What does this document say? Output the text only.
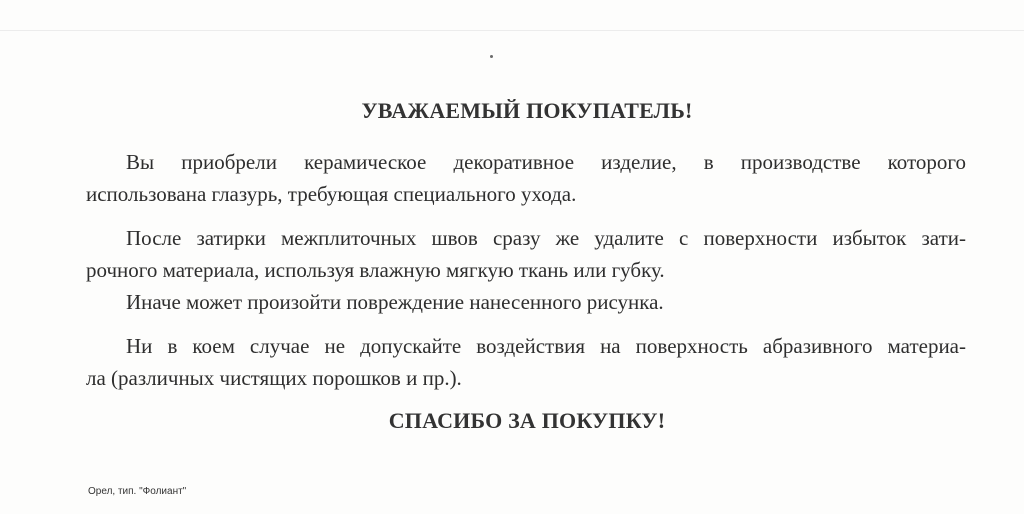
УВАЖАЕМЫЙ ПОКУПАТЕЛЬ!

Вы приобрели керамическое декоративное изделие, в производстве которого
использована глазурь, требующая специального ухода.

После затирки межплиточных швов сразу же удалите с поверхности избыток зати-
рочного материала, используя влажную мягкую ткань или губку.
Иначе может произойти повреждение нанесенного рисунка.

Ни в коем случае не допускайте воздействия на поверхность абразивного материа-
ла (различных чистящих порошков и пр.).

СПАСИБО ЗА ПОКУПКУ!
Орел, тип. "Фолиант"
